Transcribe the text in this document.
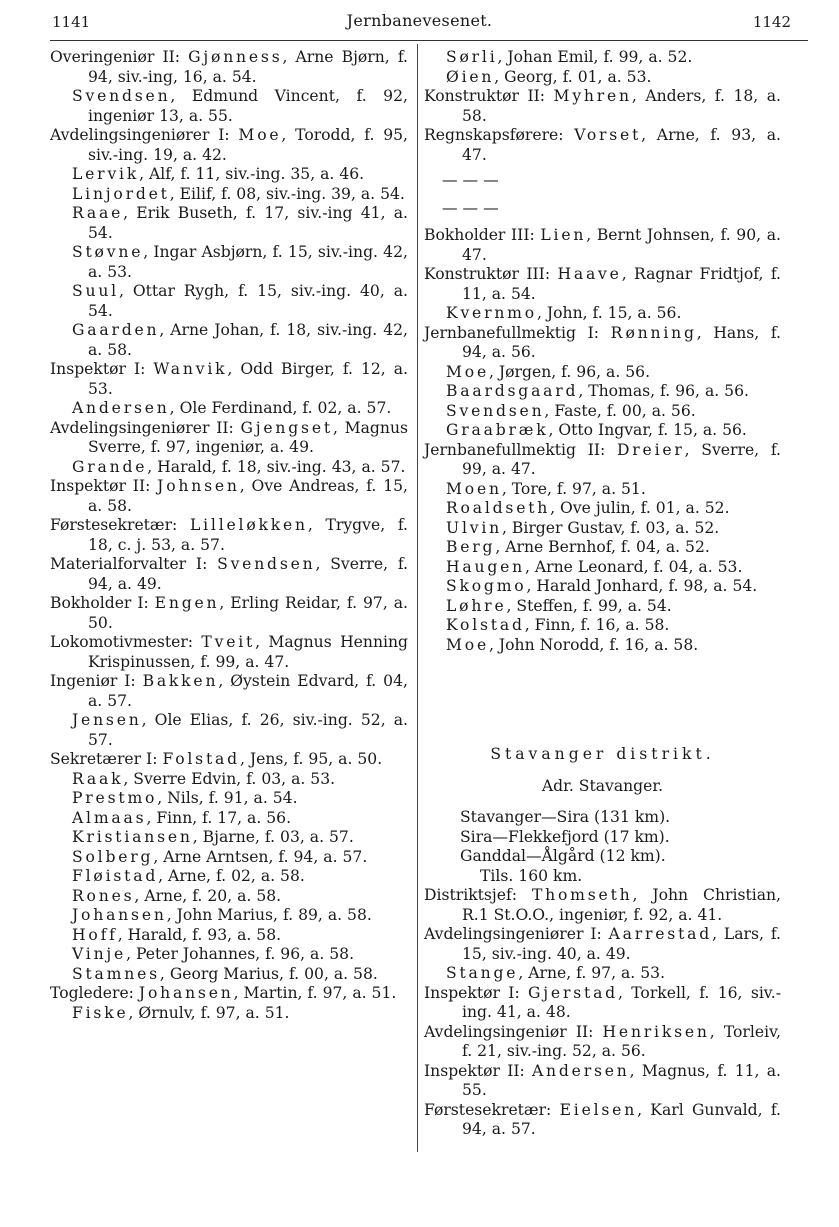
1141	Jernbanevesenet.	1142

Overingeniør II: Gjønness, Arne Bjørn, f. 94, siv.-ing, 16, a. 54.

Svendsen, Edmund Vincent, f. 92, ingeniør 13, a. 55.

Avdelingsingeniører I: Moe, Torodd, f. 95, siv.-ing. 19, a. 42.

Lervik, Alf, f. 11, siv.-ing. 35, a. 46.

Linjordet, Eilif, f. 08, siv.-ing. 39, a. 54.

Raae, Erik Buseth, f. 17, siv.-ing 41, a. 54.

Støvne, Ingar Asbjørn, f. 15, siv.-ing. 42, a. 53.

Suul, Ottar Rygh, f. 15, siv.-ing. 40, a. 54.

Gaarden, Arne Johan, f. 18, siv.-ing. 42, a. 58.

Inspektør I: Wanvik, Odd Birger, f. 12, a. 53.

Andersen, Ole Ferdinand, f. 02, a. 57.

Avdelingsingeniører II: Gjengset, Magnus Sverre, f. 97, ingeniør, a. 49.

Grande, Harald, f. 18, siv.-ing. 43, a. 57.

Inspektør II: Johnsen, Ove Andreas, f. 15, a. 58.

Førstesekretær: Lilleløkken, Trygve, f. 18, c. j. 53, a. 57.

Materialforvalter I: Svendsen, Sverre, f. 94, a. 49.

Bokholder I: Engen, Erling Reidar, f. 97, a. 50.

Lokomotivmester: Tveit, Magnus Henning Krispinussen, f. 99, a. 47.

Ingeniør I: Bakken, Øystein Edvard, f. 04, a. 57.

Jensen, Ole Elias, f. 26, siv.-ing. 52, a. 57.

Sekretærer I: Folstad, Jens, f. 95, a. 50.

Raak, Sverre Edvin, f. 03, a. 53.

Prestmo, Nils, f. 91, a. 54.

Almaas, Finn, f. 17, a. 56.

Kristiansen, Bjarne, f. 03, a. 57.

Solberg, Arne Arntsen, f. 94, a. 57.

Fløistad, Arne, f. 02, a. 58.

Rones, Arne, f. 20, a. 58.

Johansen, John Marius, f. 89, a. 58.

Hoff, Harald, f. 93, a. 58.

Vinje, Peter Johannes, f. 96, a. 58.

Stamnes, Georg Marius, f. 00, a. 58.

Togledere: Johansen, Martin, f. 97, a. 51.

Fiske, Ørnulv, f. 97, a. 51.

Sørli, Johan Emil, f. 99, a. 52.

Øien, Georg, f. 01, a. 53.

Konstruktør II: Myhren, Anders, f. 18, a. 58.

Regnskapsførere: Vorset, Arne, f. 93, a. 47.

— — —
— — —

Bokholder III: Lien, Bernt Johnsen, f. 90, a. 47.

Konstruktør III: Haave, Ragnar Fridtjof, f. 11, a. 54.

Kvernmo, John, f. 15, a. 56.

Jernbanefullmektig I: Rønning, Hans, f. 94, a. 56.

Moe, Jørgen, f. 96, a. 56.

Baardsgaard, Thomas, f. 96, a. 56.

Svendsen, Faste, f. 00, a. 56.

Graabræk, Otto Ingvar, f. 15, a. 56.

Jernbanefullmektig II: Dreier, Sverre, f. 99, a. 47.

Moen, Tore, f. 97, a. 51.

Roaldseth, Ove julin, f. 01, a. 52.

Ulvin, Birger Gustav, f. 03, a. 52.

Berg, Arne Bernhof, f. 04, a. 52.

Haugen, Arne Leonard, f. 04, a. 53.

Skogmo, Harald Jonhard, f. 98, a. 54.

Løhre, Steffen, f. 99, a. 54.

Kolstad, Finn, f. 16, a. 58.

Moe, John Norodd, f. 16, a. 58.

Stavanger distrikt.
Adr. Stavanger.
Stavanger—Sira (131 km).
Sira—Flekkefjord (17 km).
Ganddal—Ålgård (12 km).
Tils. 160 km.

Distriktsjef: Thomseth, John Christian, R.1 St.O.O., ingeniør, f. 92, a. 41.

Avdelingsingeniører I: Aarrestad, Lars, f. 15, siv.-ing. 40, a. 49.

Stange, Arne, f. 97, a. 53.

Inspektør I: Gjerstad, Torkell, f. 16, siv.-ing. 41, a. 48.

Avdelingsingeniør II: Henriksen, Torleiv, f. 21, siv.-ing. 52, a. 56.

Inspektør II: Andersen, Magnus, f. 11, a. 55.

Førstesekretær: Eielsen, Karl Gunvald, f. 94, a. 57.
